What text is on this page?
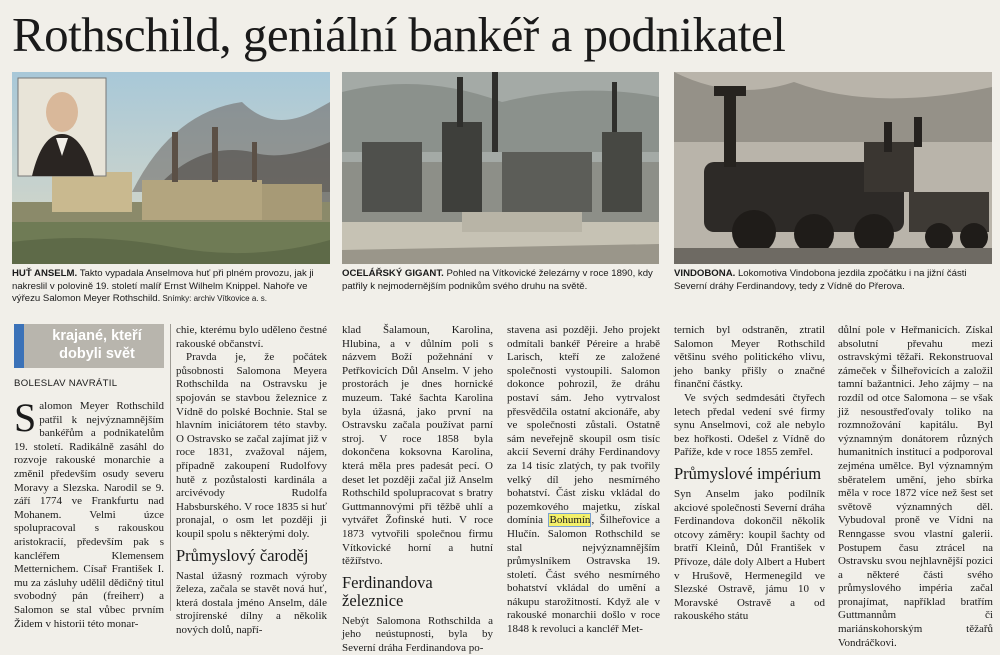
Rothschild, geniální bankéř a podnikatel
HUŤ ANSELM. Takto vypadala Anselmova huť při plném provozu, jak ji nakreslil v polovině 19. století malíř Ernst Wilhelm Knippel. Nahoře ve výřezu Salomon Meyer Rothschild. Snímky: archiv Vítkovice a. s.
OCELÁŘSKÝ GIGANT. Pohled na Vítkovické železárny v roce 1890, kdy patřily k nejmodernějším podnikům svého druhu na světě.
VINDOBONA. Lokomotiva Vindobona jezdila zpočátku i na jižní části Severní dráhy Ferdinandovy, tedy z Vídně do Přerova.
krajané, kteří dobyli svět
BOLESLAV NAVRÁTIL

Salomon Meyer Rothschild patřil k nejvýznamnějším bankéřům a podnikatelům 19. století. Radikálně zasáhl do rozvoje rakouské monarchie a změnil především osudy severu Moravy a Slezska. Narodil se 9. září 1774 ve Frankfurtu nad Mohanem. Velmi úzce spolupracoval s rakouskou aristokracií, především pak s kancléřem Klemensem Metternichem. Císař František I. mu za zásluhy udělil dědičný titul svobodný pán (freiherr) a Salomon se stal vůbec prvním Židem v historii této monar-

chie, kterému bylo uděleno čestné rakouské občanství.

Pravda je, že počátek působnosti Salomona Meyera Rothschilda na Ostravsku je spojován se stavbou železnice z Vídně do polské Bochnie. Stal se hlavním iniciátorem této stavby. O Ostravsko se začal zajímat již v roce 1831, zvažoval nájem, případně zakoupení Rudolfovy hutě z pozůstalosti kardinála a arcivévody Rudolfa Habsburského. V roce 1835 si huť pronajal, o osm let později ji koupil spolu s některými doly.

Průmyslový čaroděj

Nastal úžasný rozmach výroby železa, začala se stavět nová huť, která dostala jméno Anselm, dále strojírenské dílny a několik nových dolů, napří-

klad Šalamoun, Karolina, Hlubina, a v důlním poli s názvem Boží požehnání v Petřkovicích Důl Anselm. V jeho prostorách je dnes hornické muzeum. Také šachta Karolina byla úžasná, jako první na Ostravsku začala používat parní stroj. V roce 1858 byla dokončena koksovna Karolina, která měla pres padesát pecí. O deset let později začal již Anselm Rothschild spolupracovat s bratry Guttmannovými při těžbě uhlí a vytvářet Žofinské huti. V roce 1873 vytvořili společnou firmu Vítkovické horní a hutní těžířstvo.

Ferdinandova železnice

Nebýt Salomona Rothschilda a jeho neústupnosti, byla by Severní dráha Ferdinandova po-

stavena asi později. Jeho projekt odmítali bankéř Péreire a hrabě Larisch, kteří ze založené společnosti vystoupili. Salomon dokonce pohrozil, že dráhu postaví sám. Jeho vytrvalost přesvědčila ostatní akcionáře, aby ve společnosti zůstali. Ostatně sám neveřejně skoupil osm tisíc akcií Severní dráhy Ferdinandovy za 14 tisíc zlatých, ty pak tvořily velký díl jeho nesmírného bohatství. Část zisku vkládal do pozemkového majetku, získal domínia Bohumín, Šilheřovice a Hlučín. Salomon Rothschild se stal nejvýznamnějším průmyslníkem Ostravska 19. století. Část svého nesmírného bohatství vkládal do umění a nákupu starožitností. Když ale v rakouské monarchii došlo v roce 1848 k revoluci a kancléř Met-

ternich byl odstraněn, ztratil Salomon Meyer Rothschild většinu svého politického vlivu, jeho banky přišly o značné finanční částky.

Ve svých sedmdesáti čtyřech letech předal vedení své firmy synu Anselmovi, což ale nebylo bez hořkosti. Odešel z Vídně do Paříže, kde v roce 1855 zemřel.

Průmyslové impérium

Syn Anselm jako podílník akciové společnosti Severní dráha Ferdinandova dokončil několik otcovy záměry: koupil šachty od bratří Kleinů, Důl František v Přívoze, dále doly Albert a Hubert v Hrušově, Hermenegild ve Slezské Ostravě, jámu 10 v Moravské Ostravě a od rakouského státu

důlní pole v Heřmanicích. Získal absolutní převahu mezi ostravskými těžaři. Rekonstruoval zámeček v Šilheřovicích a založil tamní bažantnici. Jeho zájmy – na rozdíl od otce Salomona – se však již nesoustřeďovaly toliko na rozmnožování kapitálu. Byl významným donátorem různých humanitních institucí a podporoval zejména umělce. Byl významným sběratelem umění, jeho sbírka měla v roce 1872 více než šest set světově významných děl. Vybudoval proně ve Vídni na Renngasse svou vlastní galerii. Postupem času ztrácel na Ostravsku svou nejhlavnější pozici a některé části svého průmyslového impéria začal pronajímat, například bratřím Guttmannům či mariánskohorským těžařů Vondráčkovi.
